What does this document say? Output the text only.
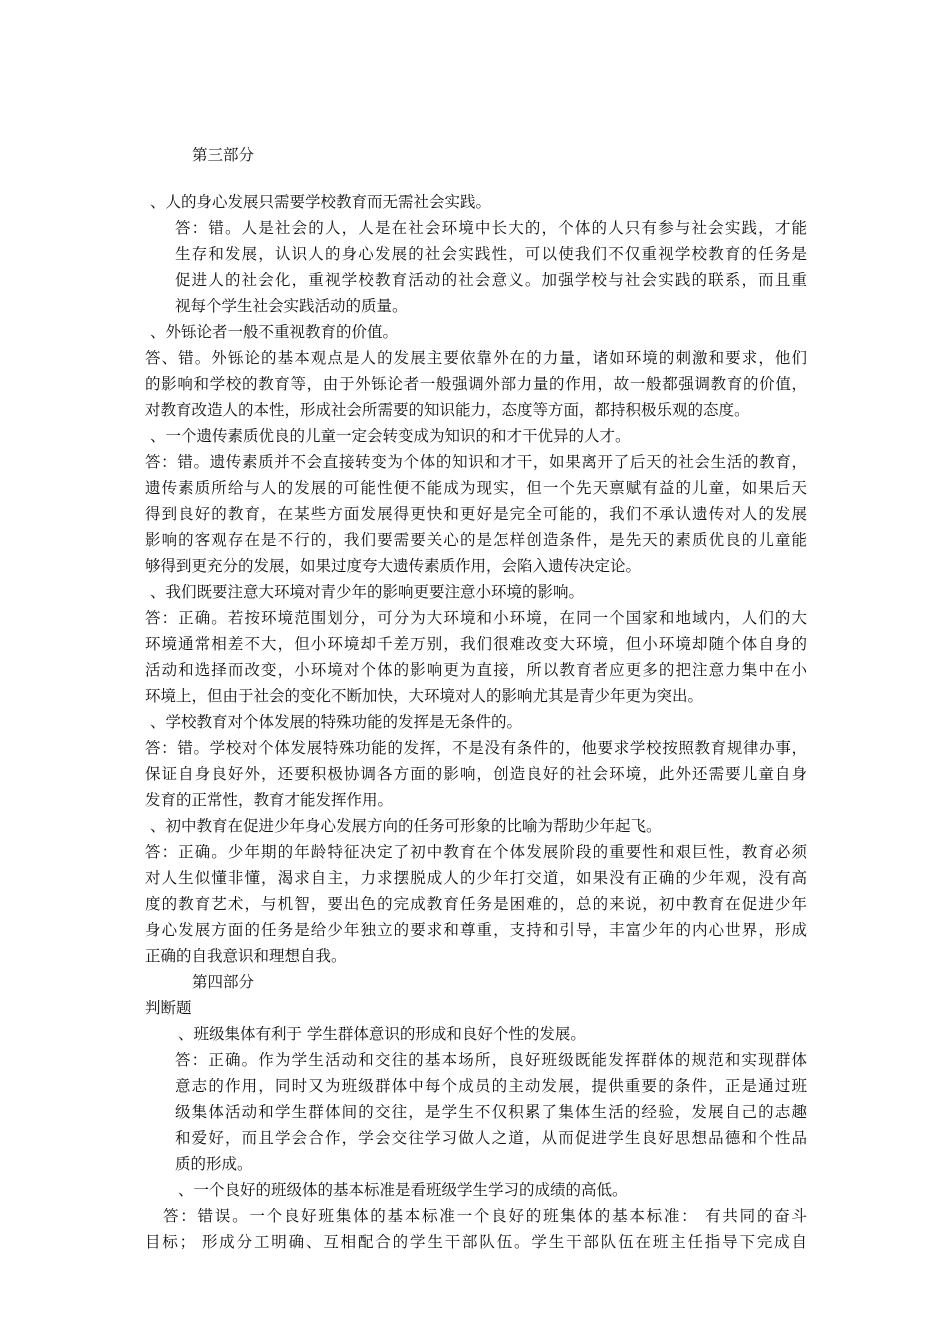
第三部分
、人的身心发展只需要学校教育而无需社会实践。
答：错。人是社会的人，人是在社会环境中长大的，个体的人只有参与社会实践，才能
生存和发展，认识人的身心发展的社会实践性，可以使我们不仅重视学校教育的任务是
促进人的社会化，重视学校教育活动的社会意义。加强学校与社会实践的联系，而且重
视每个学生社会实践活动的质量。
、外铄论者一般不重视教育的价值。
答、错。外铄论的基本观点是人的发展主要依靠外在的力量，诸如环境的刺激和要求，他们
的影响和学校的教育等，由于外铄论者一般强调外部力量的作用，故一般都强调教育的价值，
对教育改造人的本性，形成社会所需要的知识能力，态度等方面，都持积极乐观的态度。
、一个遗传素质优良的儿童一定会转变成为知识的和才干优异的人才。
答：错。遗传素质并不会直接转变为个体的知识和才干，如果离开了后天的社会生活的教育，
遗传素质所给与人的发展的可能性便不能成为现实，但一个先天禀赋有益的儿童，如果后天
得到良好的教育，在某些方面发展得更快和更好是完全可能的，我们不承认遗传对人的发展
影响的客观存在是不行的，我们要需要关心的是怎样创造条件，是先天的素质优良的儿童能
够得到更充分的发展，如果过度夸大遗传素质作用，会陷入遗传决定论。
、我们既要注意大环境对青少年的影响更要注意小环境的影响。
答：正确。若按环境范围划分，可分为大环境和小环境，在同一个国家和地域内，人们的大
环境通常相差不大，但小环境却千差万别，我们很难改变大环境，但小环境却随个体自身的
活动和选择而改变，小环境对个体的影响更为直接，所以教育者应更多的把注意力集中在小
环境上，但由于社会的变化不断加快，大环境对人的影响尤其是青少年更为突出。
、学校教育对个体发展的特殊功能的发挥是无条件的。
答：错。学校对个体发展特殊功能的发挥，不是没有条件的，他要求学校按照教育规律办事，
保证自身良好外，还要积极协调各方面的影响，创造良好的社会环境，此外还需要儿童自身
发育的正常性，教育才能发挥作用。
、初中教育在促进少年身心发展方向的任务可形象的比喻为帮助少年起飞。
答：正确。少年期的年龄特征决定了初中教育在个体发展阶段的重要性和艰巨性，教育必须
对人生似懂非懂，渴求自主，力求摆脱成人的少年打交道，如果没有正确的少年观，没有高
度的教育艺术，与机智，要出色的完成教育任务是困难的，总的来说，初中教育在促进少年
身心发展方面的任务是给少年独立的要求和尊重，支持和引导，丰富少年的内心世界，形成
正确的自我意识和理想自我。
第四部分
判断题
、班级集体有利于 学生群体意识的形成和良好个性的发展。
答：正确。作为学生活动和交往的基本场所，良好班级既能发挥群体的规范和实现群体
意志的作用，同时又为班级群体中每个成员的主动发展，提供重要的条件，正是通过班
级集体活动和学生群体间的交往，是学生不仅积累了集体生活的经验，发展自己的志趣
和爱好，而且学会合作，学会交往学习做人之道，从而促进学生良好思想品德和个性品
质的形成。
、一个良好的班级体的基本标准是看班级学生学习的成绩的高低。
答：错误。一个良好班集体的基本标准一个良好的班集体的基本标准： 有共同的奋斗
目标； 形成分工明确、互相配合的学生干部队伍。学生干部队伍在班主任指导下完成自
